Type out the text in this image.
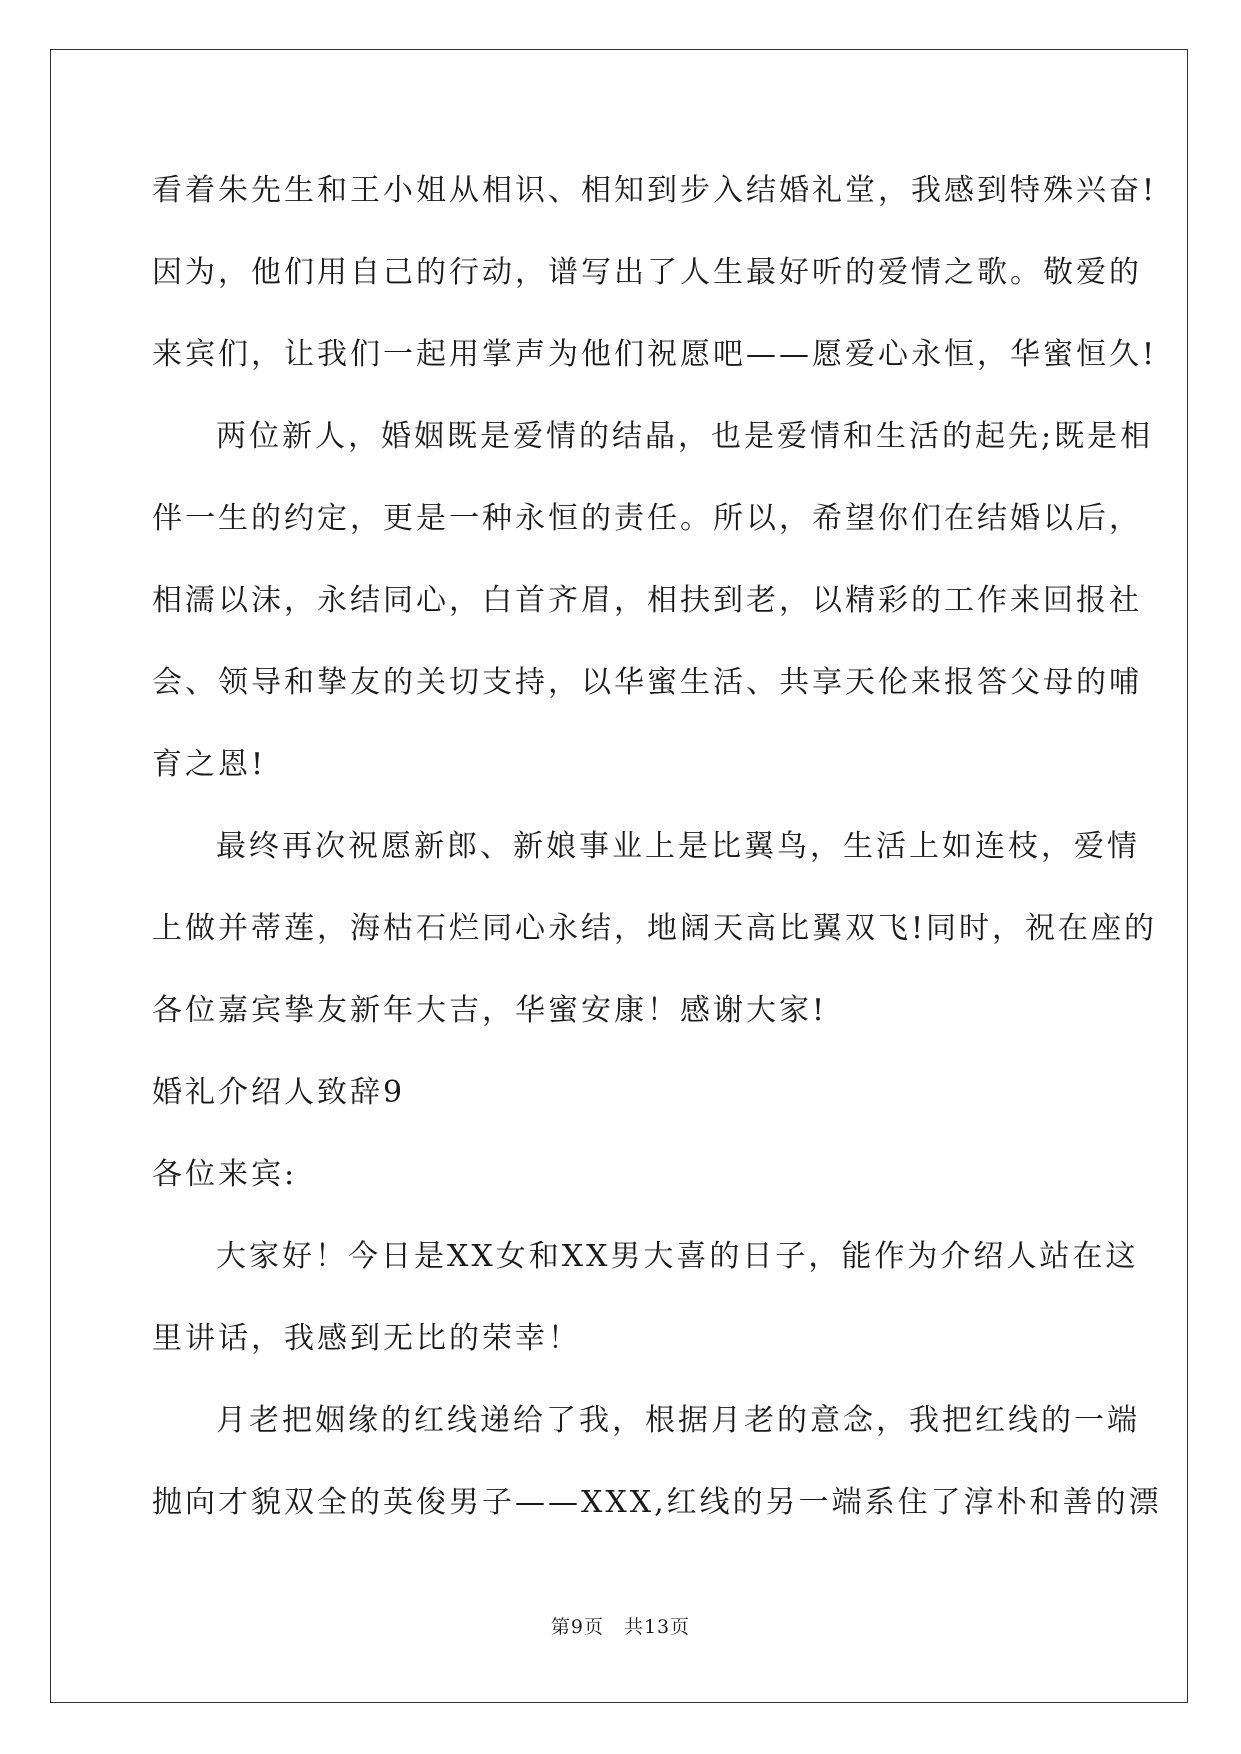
看着朱先生和王小姐从相识、相知到步入结婚礼堂，我感到特殊兴奋!
因为，他们用自己的行动，谱写出了人生最好听的爱情之歌。敬爱的
来宾们，让我们一起用掌声为他们祝愿吧——愿爱心永恒，华蜜恒久!
两位新人，婚姻既是爱情的结晶，也是爱情和生活的起先;既是相
伴一生的约定，更是一种永恒的责任。所以，希望你们在结婚以后，
相濡以沫，永结同心，白首齐眉，相扶到老，以精彩的工作来回报社
会、领导和挚友的关切支持，以华蜜生活、共享天伦来报答父母的哺
育之恩!
最终再次祝愿新郎、新娘事业上是比翼鸟，生活上如连枝，爱情
上做并蒂莲，海枯石烂同心永结，地阔天高比翼双飞!同时，祝在座的
各位嘉宾挚友新年大吉，华蜜安康！感谢大家!
婚礼介绍人致辞9
各位来宾:
大家好！今日是XX女和XX男大喜的日子，能作为介绍人站在这
里讲话，我感到无比的荣幸！
月老把姻缘的红线递给了我，根据月老的意念，我把红线的一端
抛向才貌双全的英俊男子——XXX,红线的另一端系住了淳朴和善的漂
第9页　共13页
